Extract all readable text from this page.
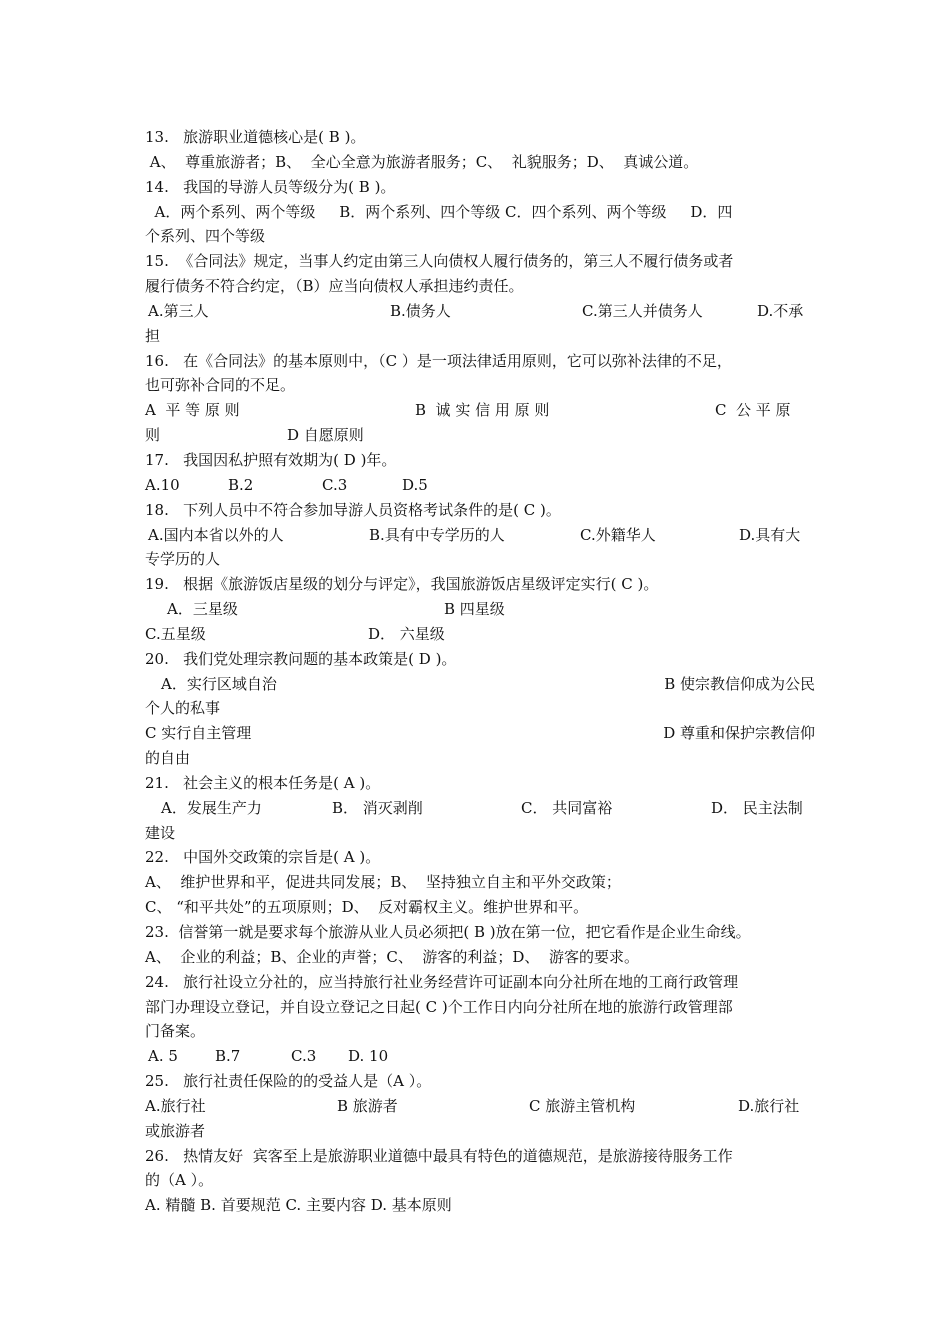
13.   旅游职业道德核心是( B )。
A、  尊重旅游者；B、  全心全意为旅游者服务；C、  礼貌服务；D、  真诚公道。
14.   我国的导游人员等级分为( B )。
A．两个系列、两个等级     B．两个系列、四个等级 C．四个系列、两个等级     D．四
个系列、四个等级
15.  《合同法》规定，当事人约定由第三人向债权人履行债务的，第三人不履行债务或者
履行债务不符合约定，（B）应当向债权人承担违约责任。
A.第三人	B.债务人	C.第三人并债务人	D.不承
担
16.   在《合同法》的基本原则中，（C ）是一项法律适用原则，它可以弥补法律的不足，
也可弥补合同的不足。
A  平 等 原 则	B  诚 实 信 用 原 则	C  公 平 原
则	D 自愿原则
17.   我国因私护照有效期为( D )年。
A.10	B.2	C.3	D.5
18.   下列人员中不符合参加导游人员资格考试条件的是( C )。
A.国内本省以外的人	B.具有中专学历的人	C.外籍华人	D.具有大
专学历的人
19.   根据《旅游饭店星级的划分与评定》，我国旅游饭店星级评定实行( C )。
A．三星级	B 四星级
C.五星级	D． 六星级
20.   我们党处理宗教问题的基本政策是( D )。
A．实行区域自治	B 使宗教信仰成为公民
个人的私事
C 实行自主管理	D 尊重和保护宗教信仰
的自由
21.   社会主义的根本任务是( A )。
A．发展生产力	B． 消灭剥削	C． 共同富裕	D． 民主法制
建设
22.   中国外交政策的宗旨是( A )。
A、  维护世界和平，促进共同发展；B、  坚持独立自主和平外交政策；
C、 “和平共处”的五项原则；D、  反对霸权主义。维护世界和平。
23.  信誉第一就是要求每个旅游从业人员必须把( B )放在第一位，把它看作是企业生命线。
A、  企业的利益；B、企业的声誉；C、  游客的利益；D、  游客的要求。
24.   旅行社设立分社的，应当持旅行社业务经营许可证副本向分社所在地的工商行政管理
部门办理设立登记，并自设立登记之日起( C )个工作日内向分社所在地的旅游行政管理部
门备案。
A. 5	B.7	C.3	D. 10
25.   旅行社责任保险的的受益人是（A ）。
A.旅行社	B 旅游者	C 旅游主管机构	D.旅行社
或旅游者
26.   热情友好  宾客至上是旅游职业道德中最具有特色的道德规范，是旅游接待服务工作
的（A ）。
A. 精髓 B. 首要规范 C. 主要内容 D. 基本原则
